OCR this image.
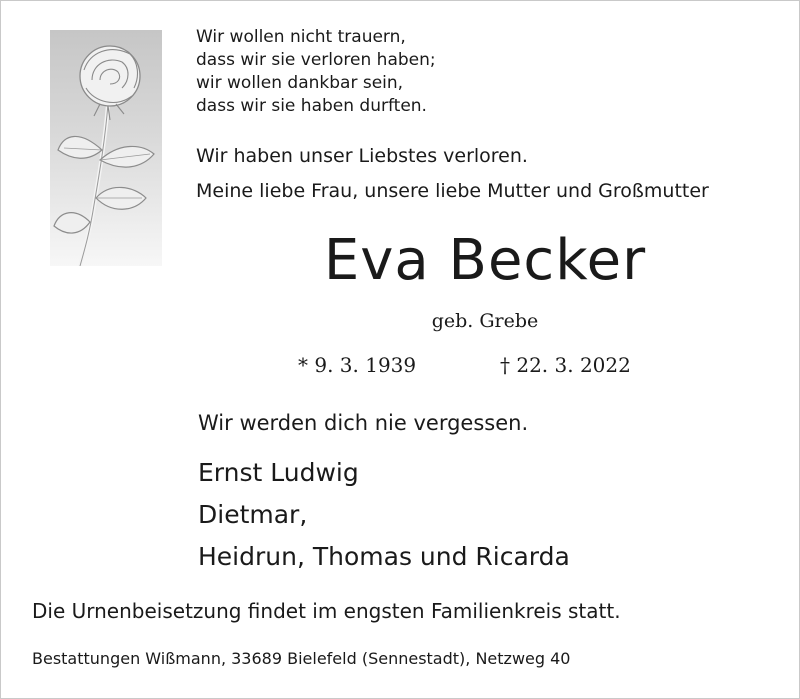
Wir wollen nicht trauern,
dass wir sie verloren haben;
wir wollen dankbar sein,
dass wir sie haben durften.
Wir haben unser Liebstes verloren.
Meine liebe Frau, unsere liebe Mutter und Großmutter
Eva Becker
geb. Grebe
* 9. 3. 1939	† 22. 3. 2022
Wir werden dich nie vergessen.
Ernst Ludwig
Dietmar,
Heidrun, Thomas und Ricarda
Die Urnenbeisetzung findet im engsten Familienkreis statt.
Bestattungen Wißmann, 33689 Bielefeld (Sennestadt), Netzweg 40
